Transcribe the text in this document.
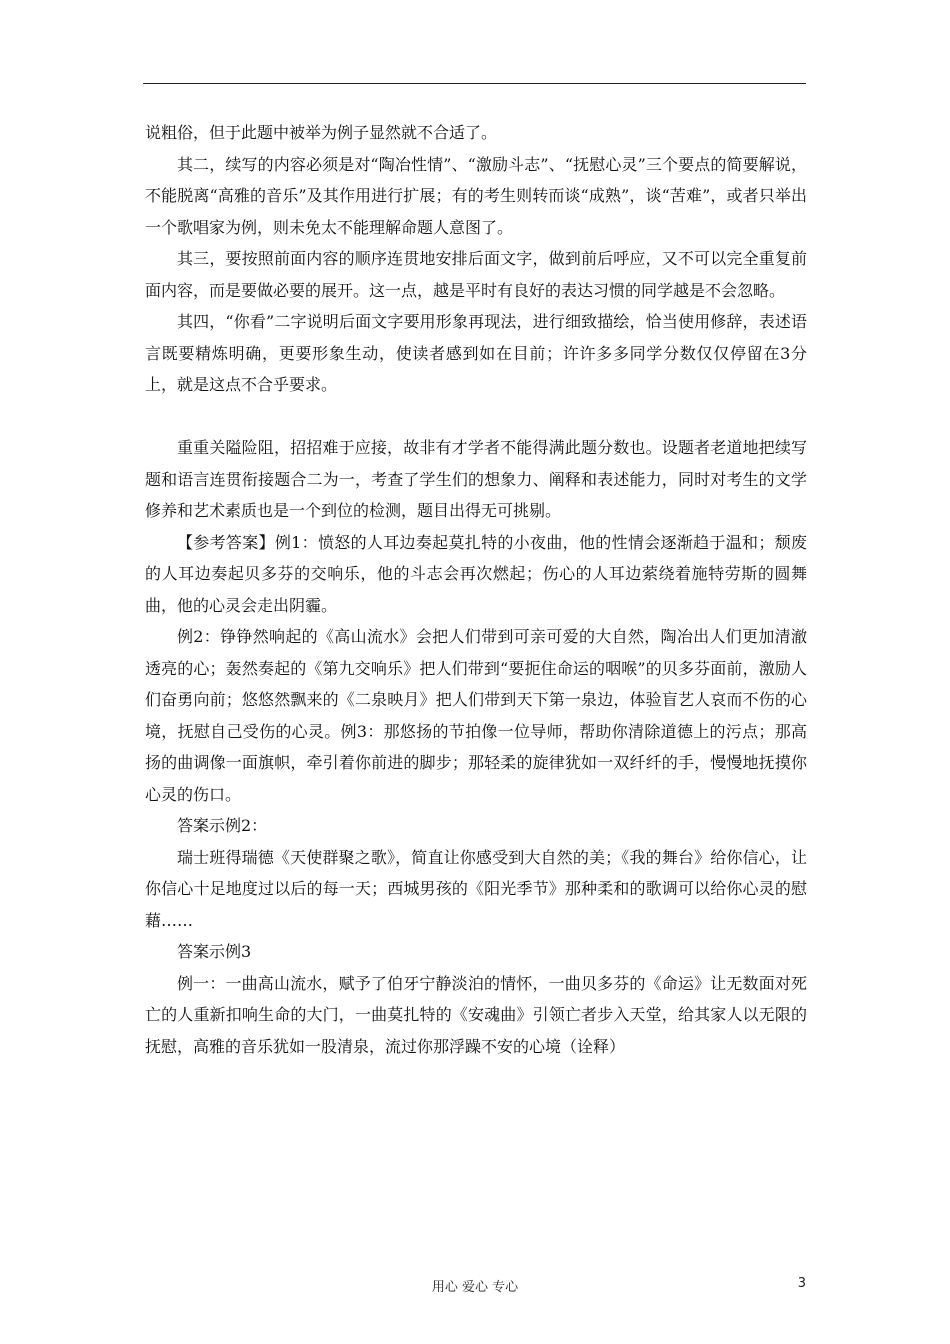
说粗俗，但于此题中被举为例子显然就不合适了。

其二，续写的内容必须是对“陶冶性情”、“激励斗志”、“抚慰心灵”三个要点的简要解说，不能脱离“高雅的音乐”及其作用进行扩展；有的考生则转而谈“成熟”，谈“苦难”，或者只举出一个歌唱家为例，则未免太不能理解命题人意图了。

其三，要按照前面内容的顺序连贯地安排后面文字，做到前后呼应，又不可以完全重复前面内容，而是要做必要的展开。这一点，越是平时有良好的表达习惯的同学越是不会忽略。

其四，“你看”二字说明后面文字要用形象再现法，进行细致描绘，恰当使用修辞，表述语言既要精炼明确，更要形象生动，使读者感到如在目前；许许多多同学分数仅仅停留在3分上，就是这点不合乎要求。

重重关隘险阻，招招难于应接，故非有才学者不能得满此题分数也。设题者老道地把续写题和语言连贯衔接题合二为一，考查了学生们的想象力、阐释和表述能力，同时对考生的文学修养和艺术素质也是一个到位的检测，题目出得无可挑剔。

【参考答案】例1：愤怒的人耳边奏起莫扎特的小夜曲，他的性情会逐渐趋于温和；颓废的人耳边奏起贝多芬的交响乐，他的斗志会再次燃起；伤心的人耳边萦绕着施特劳斯的圆舞曲，他的心灵会走出阴霾。

例2：铮铮然响起的《高山流水》会把人们带到可亲可爱的大自然，陶冶出人们更加清澈透亮的心；轰然奏起的《第九交响乐》把人们带到“要扼住命运的咽喉”的贝多芬面前，激励人们奋勇向前；悠悠然飘来的《二泉映月》把人们带到天下第一泉边，体验盲艺人哀而不伤的心境，抚慰自己受伤的心灵。例3：那悠扬的节拍像一位导师，帮助你清除道德上的污点；那高扬的曲调像一面旗帜，牵引着你前进的脚步；那轻柔的旋律犹如一双纤纤的手，慢慢地抚摸你心灵的伤口。

答案示例2：

瑞士班得瑞德《天使群聚之歌》，简直让你感受到大自然的美；《我的舞台》给你信心，让你信心十足地度过以后的每一天；西城男孩的《阳光季节》那种柔和的歌调可以给你心灵的慰藉……

答案示例3

例一：一曲高山流水，赋予了伯牙宁静淡泊的情怀，一曲贝多芬的《命运》让无数面对死亡的人重新扣响生命的大门，一曲莫扎特的《安魂曲》引领亡者步入天堂，给其家人以无限的抚慰，高雅的音乐犹如一股清泉，流过你那浮躁不安的心境（诠释）

用心 爱心 专心	3
